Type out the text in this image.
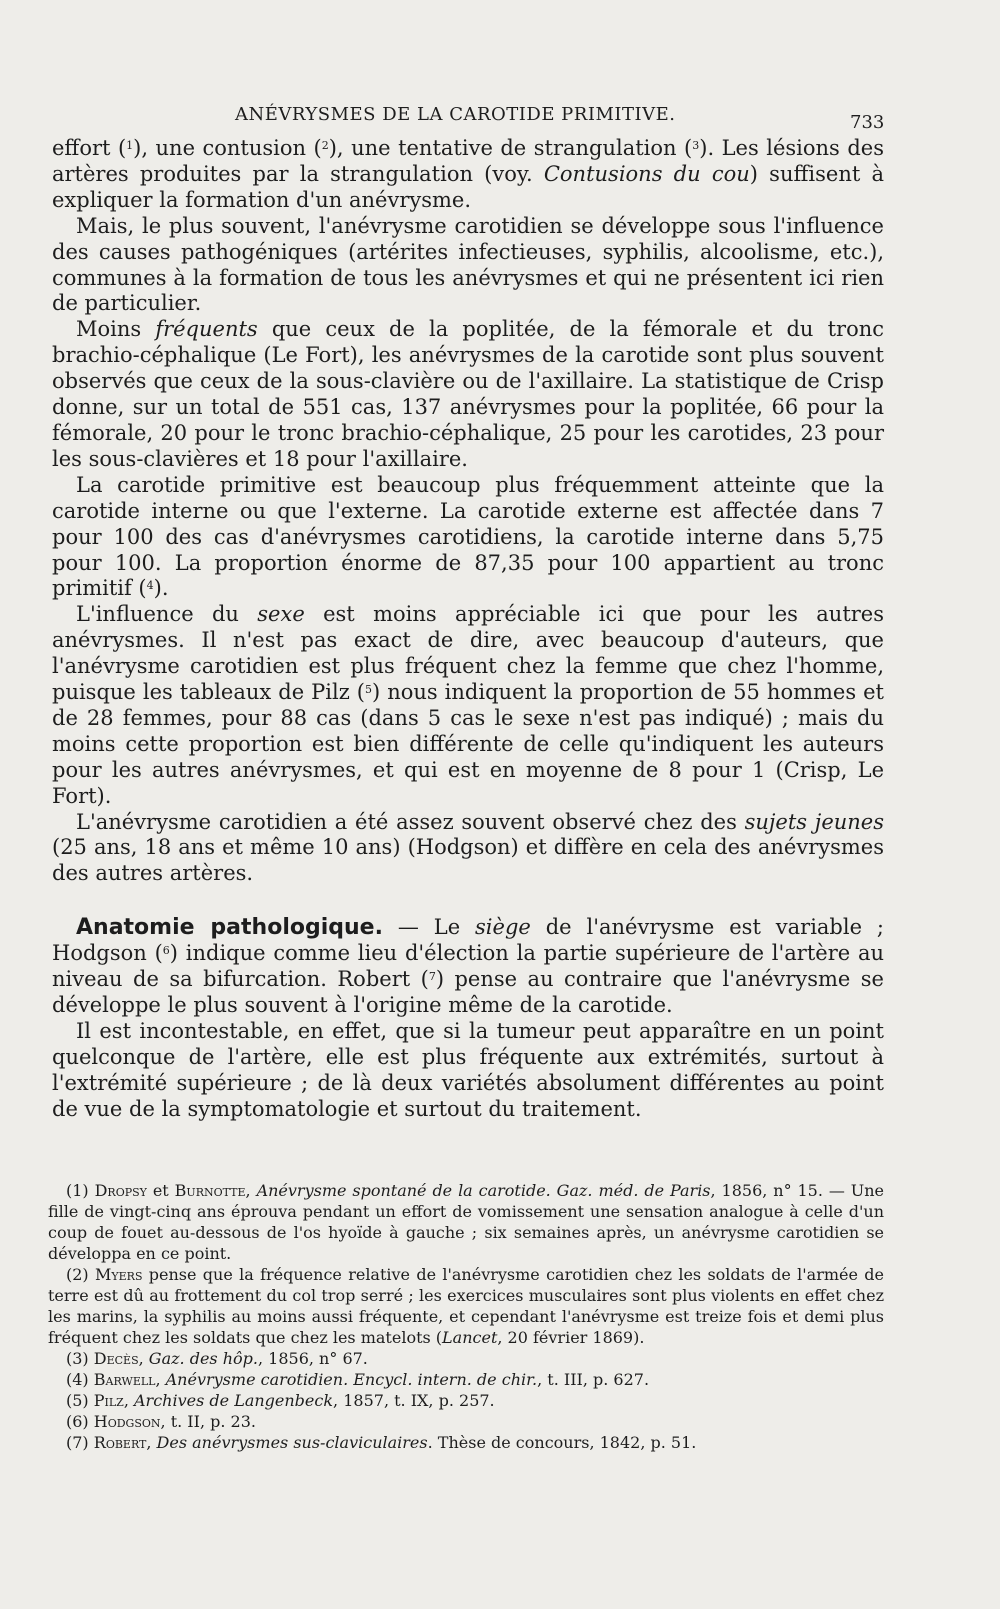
ANÉVRYSMES DE LA CAROTIDE PRIMITIVE.	733

effort ($^1$), une contusion ($^2$), une tentative de strangulation ($^3$). Les lésions des artères produites par la strangulation (voy. Contusions du cou) suffisent à expliquer la formation d'un anévrysme.

Mais, le plus souvent, l'anévrysme carotidien se développe sous l'influence des causes pathogéniques (artérites infectieuses, syphilis, alcoolisme, etc.), communes à la formation de tous les anévrysmes et qui ne présentent ici rien de particulier.

Moins fréquents que ceux de la poplitée, de la fémorale et du tronc brachio-céphalique (Le Fort), les anévrysmes de la carotide sont plus souvent observés que ceux de la sous-clavière ou de l'axillaire. La statistique de Crisp donne, sur un total de 551 cas, 137 anévrysmes pour la poplitée, 66 pour la fémorale, 20 pour le tronc brachio-céphalique, 25 pour les carotides, 23 pour les sous-clavières et 18 pour l'axillaire.

La carotide primitive est beaucoup plus fréquemment atteinte que la carotide interne ou que l'externe. La carotide externe est affectée dans 7 pour 100 des cas d'anévrysmes carotidiens, la carotide interne dans 5,75 pour 100. La proportion énorme de 87,35 pour 100 appartient au tronc primitif ($^4$).

L'influence du sexe est moins appréciable ici que pour les autres anévrysmes. Il n'est pas exact de dire, avec beaucoup d'auteurs, que l'anévrysme carotidien est plus fréquent chez la femme que chez l'homme, puisque les tableaux de Pilz ($^5$) nous indiquent la proportion de 55 hommes et de 28 femmes, pour 88 cas (dans 5 cas le sexe n'est pas indiqué) ; mais du moins cette proportion est bien différente de celle qu'indiquent les auteurs pour les autres anévrysmes, et qui est en moyenne de 8 pour 1 (Crisp, Le Fort).

L'anévrysme carotidien a été assez souvent observé chez des sujets jeunes (25 ans, 18 ans et même 10 ans) (Hodgson) et diffère en cela des anévrysmes des autres artères.

Anatomie pathologique. — Le siège de l'anévrysme est variable ; Hodgson ($^6$) indique comme lieu d'élection la partie supérieure de l'artère au niveau de sa bifurcation. Robert ($^7$) pense au contraire que l'anévrysme se développe le plus souvent à l'origine même de la carotide.

Il est incontestable, en effet, que si la tumeur peut apparaître en un point quelconque de l'artère, elle est plus fréquente aux extrémités, surtout à l'extrémité supérieure ; de là deux variétés absolument différentes au point de vue de la symptomatologie et surtout du traitement.

(1) Dropsy et Burnotte, Anévrysme spontané de la carotide. Gaz. méd. de Paris, 1856, n° 15. — Une fille de vingt-cinq ans éprouva pendant un effort de vomissement une sensation analogue à celle d'un coup de fouet au-dessous de l'os hyoïde à gauche ; six semaines après, un anévrysme carotidien se développa en ce point.

(2) Myers pense que la fréquence relative de l'anévrysme carotidien chez les soldats de l'armée de terre est dû au frottement du col trop serré ; les exercices musculaires sont plus violents en effet chez les marins, la syphilis au moins aussi fréquente, et cependant l'anévrysme est treize fois et demi plus fréquent chez les soldats que chez les matelots (Lancet, 20 février 1869).

(3) Decès, Gaz. des hôp., 1856, n° 67.

(4) Barwell, Anévrysme carotidien. Encycl. intern. de chir., t. III, p. 627.

(5) Pilz, Archives de Langenbeck, 1857, t. IX, p. 257.

(6) Hodgson, t. II, p. 23.

(7) Robert, Des anévrysmes sus-claviculaires. Thèse de concours, 1842, p. 51.
